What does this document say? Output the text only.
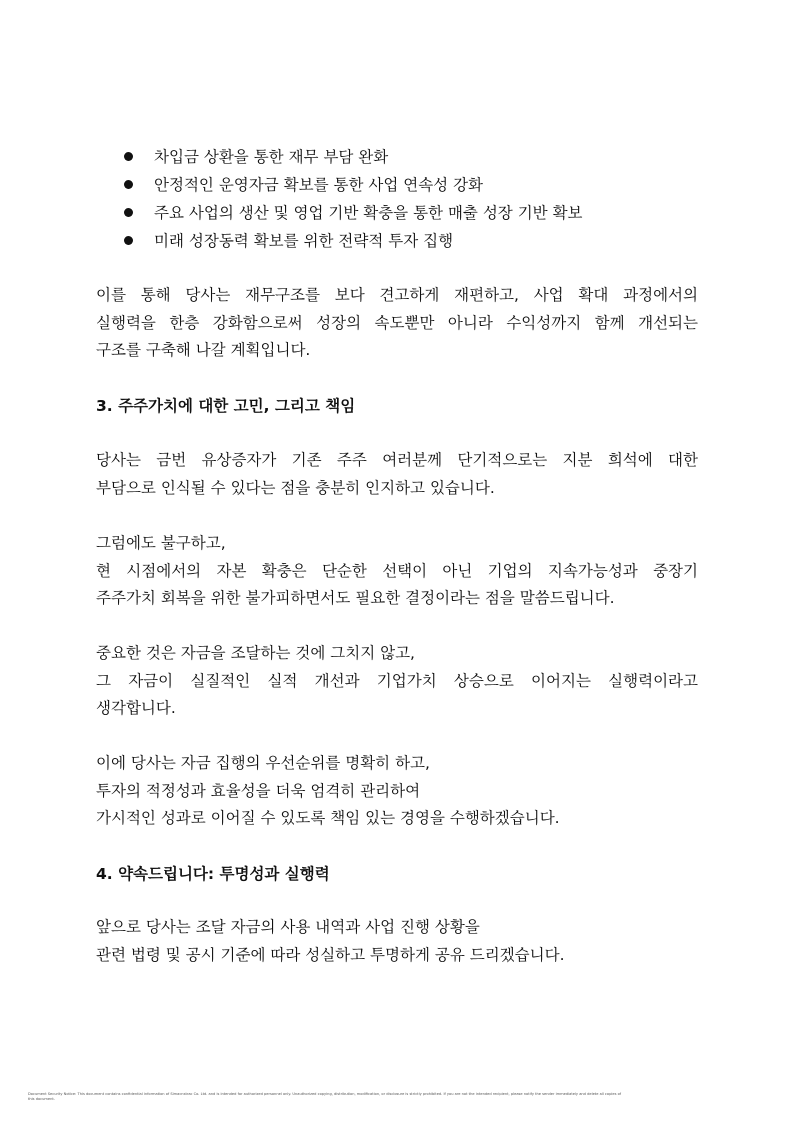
차입금 상환을 통한 재무 부담 완화
안정적인 운영자금 확보를 통한 사업 연속성 강화
주요 사업의 생산 및 영업 기반 확충을 통한 매출 성장 기반 확보
미래 성장동력 확보를 위한 전략적 투자 집행

이를 통해 당사는 재무구조를 보다 견고하게 재편하고, 사업 확대 과정에서의
실행력을 한층 강화함으로써 성장의 속도뿐만 아니라 수익성까지 함께 개선되는
구조를 구축해 나갈 계획입니다.

3. 주주가치에 대한 고민, 그리고 책임

당사는 금번 유상증자가 기존 주주 여러분께 단기적으로는 지분 희석에 대한
부담으로 인식될 수 있다는 점을 충분히 인지하고 있습니다.

그럼에도 불구하고,
현 시점에서의 자본 확충은 단순한 선택이 아닌 기업의 지속가능성과 중장기
주주가치 회복을 위한 불가피하면서도 필요한 결정이라는 점을 말씀드립니다.

중요한 것은 자금을 조달하는 것에 그치지 않고,
그 자금이 실질적인 실적 개선과 기업가치 상승으로 이어지는 실행력이라고
생각합니다.

이에 당사는 자금 집행의 우선순위를 명확히 하고,
투자의 적정성과 효율성을 더욱 엄격히 관리하여
가시적인 성과로 이어질 수 있도록 책임 있는 경영을 수행하겠습니다.

4. 약속드립니다: 투명성과 실행력

앞으로 당사는 조달 자금의 사용 내역과 사업 진행 상황을
관련 법령 및 공시 기준에 따라 성실하고 투명하게 공유 드리겠습니다.

Document Security Notice: This document contains confidential information of Simacnstrac Co. Ltd. and is intended for authorized personnel only. Unauthorized copying, distribution, modification, or disclosure is strictly prohibited. If you are not the intended recipient, please notify the sender immediately and delete all copies of this document.
